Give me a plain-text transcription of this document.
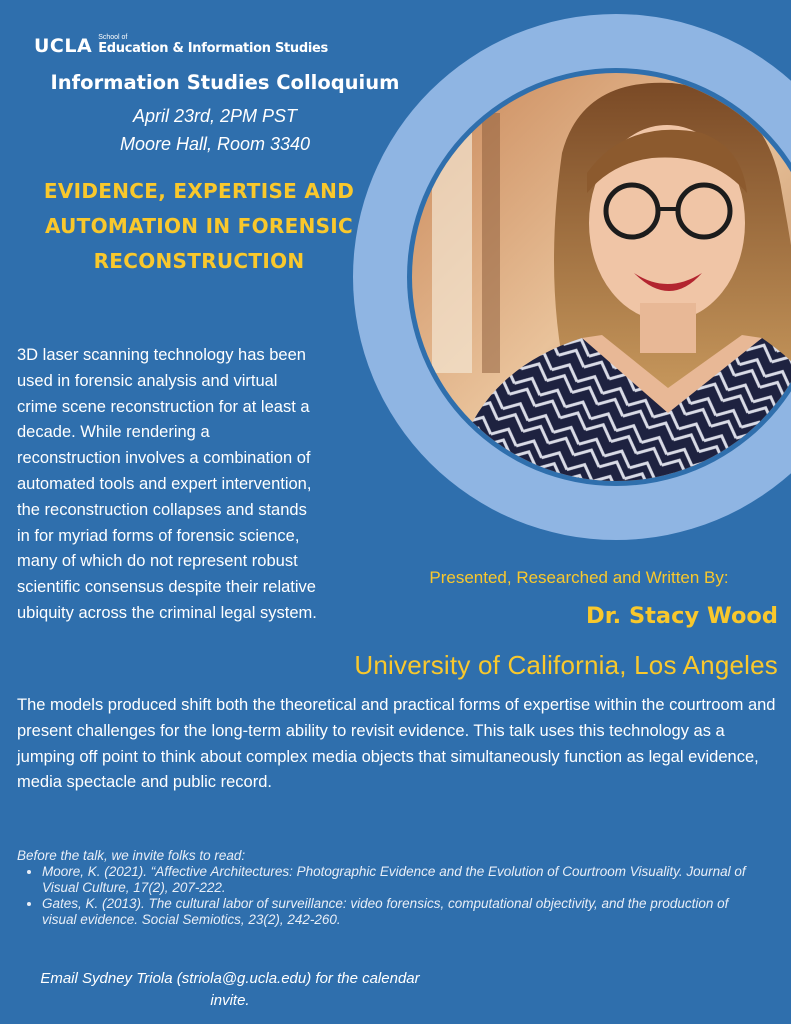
UCLA School of
Education & Information Studies
Information Studies Colloquium
April 23rd, 2PM PST
Moore Hall, Room 3340
EVIDENCE, EXPERTISE AND AUTOMATION IN FORENSIC RECONSTRUCTION
3D laser scanning technology has been used in forensic analysis and virtual crime scene reconstruction for at least a decade. While rendering a reconstruction involves a combination of automated tools and expert intervention, the reconstruction collapses and stands in for myriad forms of forensic science, many of which do not represent robust scientific consensus despite their relative ubiquity across the criminal legal system.
The models produced shift both the theoretical and practical forms of expertise within the courtroom and present challenges for the long-term ability to revisit evidence. This talk uses this technology as a jumping off point to think about complex media objects that simultaneously function as legal evidence, media spectacle and public record.
Presented, Researched and Written By:
Dr. Stacy Wood
University of California, Los Angeles
Before the talk, we invite folks to read:
• Moore, K. (2021). “Affective Architectures: Photographic Evidence and the Evolution of Courtroom Visuality. Journal of Visual Culture, 17(2), 207-222.
• Gates, K. (2013). The cultural labor of surveillance: video forensics, computational objectivity, and the production of visual evidence. Social Semiotics, 23(2), 242-260.
Email Sydney Triola (striola@g.ucla.edu) for the calendar
invite.
